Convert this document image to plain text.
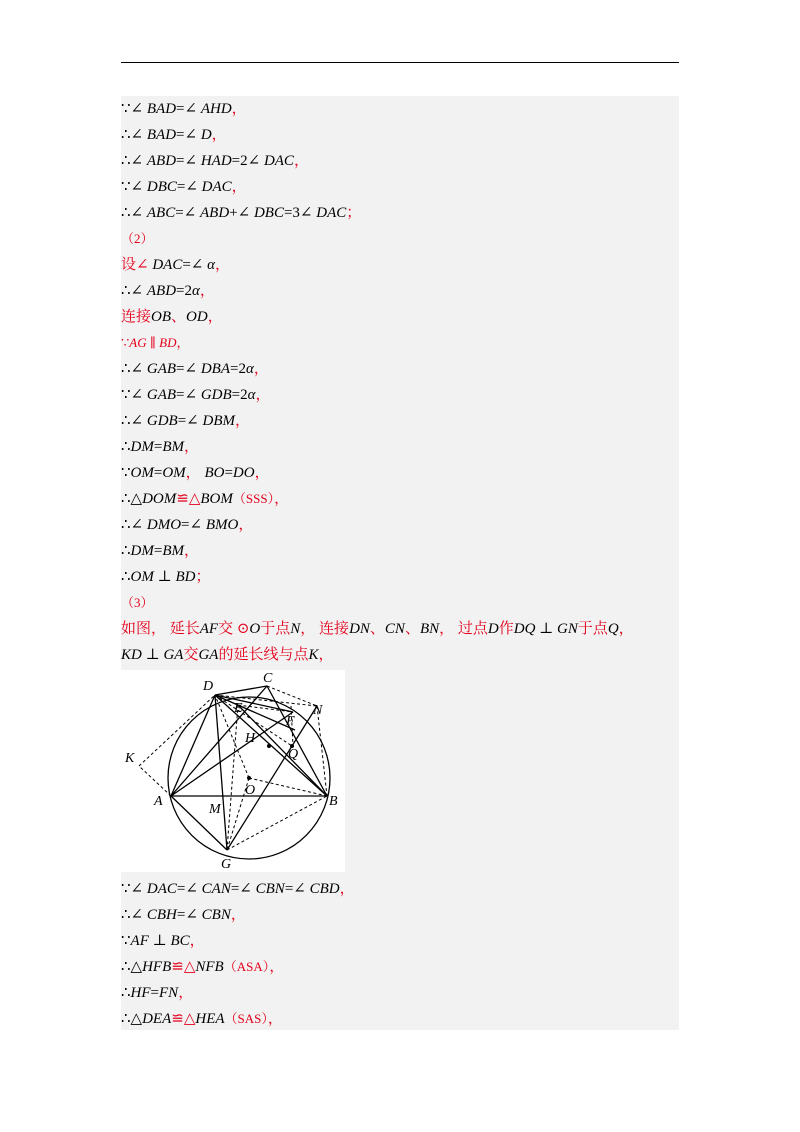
∵∠ BAD=∠ AHD，
∴∠ BAD=∠ D，
∴∠ ABD=∠ HAD=2∠ DAC，
∵∠ DBC=∠ DAC，
∴∠ ABC=∠ ABD+∠ DBC=3∠ DAC；
（2）
设∠ DAC=∠ α，
∴∠ ABD=2α，
连接OB、OD，
∵AG ∥ BD，
∴∠ GAB=∠ DBA=2α，
∵∠ GAB=∠ GDB=2α，
∴∠ GDB=∠ DBM，
∴DM=BM，
∵OM=OM， BO=DO，
∴△DOM≌△BOM（SSS），
∴∠ DMO=∠ BMO，
∴DM=BM，
∴OM ⊥ BD；
（3）
如图， 延长AF交 ⊙O于点N， 连接DN、CN、BN， 过点D作DQ ⊥ GN于点Q，
KD ⊥ GA交GA的延长线与点K，
D
C
N
E
F
H
Q
K
O
A	B
M
G
∵∠ DAC=∠ CAN=∠ CBN=∠ CBD，
∴∠ CBH=∠ CBN，
∵AF ⊥ BC，
∴△HFB≌△NFB（ASA），
∴HF=FN，
∴△DEA≌△HEA（SAS），
